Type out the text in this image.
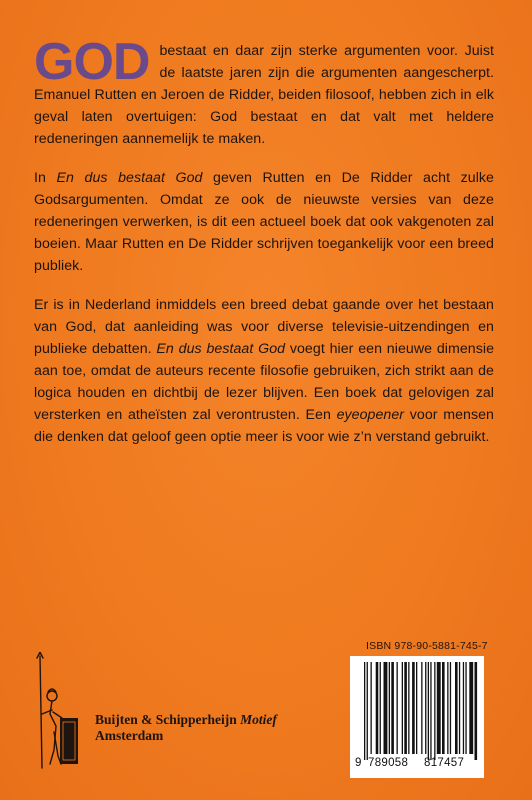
GOD bestaat en daar zijn sterke argumenten voor. Juist de laatste jaren zijn die argumenten aangescherpt. Emanuel Rutten en Jeroen de Ridder, beiden filosoof, hebben zich in elk geval laten overtuigen: God bestaat en dat valt met heldere redeneringen aannemelijk te maken.

In En dus bestaat God geven Rutten en De Ridder acht zulke Godsargumenten. Omdat ze ook de nieuwste versies van deze redeneringen verwerken, is dit een actueel boek dat ook vakgenoten zal boeien. Maar Rutten en De Ridder schrijven toegankelijk voor een breed publiek.

Er is in Nederland inmiddels een breed debat gaande over het bestaan van God, dat aanleiding was voor diverse televisie-uitzendingen en publieke debatten. En dus bestaat God voegt hier een nieuwe dimensie aan toe, omdat de auteurs recente filosofie gebruiken, zich strikt aan de logica houden en dichtbij de lezer blijven. Een boek dat gelovigen zal versterken en atheïsten zal verontrusten. Een eyeopener voor mensen die denken dat geloof geen optie meer is voor wie z’n verstand gebruikt.

Buijten & Schipperheijn Motief
Amsterdam
ISBN 978-90-5881-745-7
9 789058 817457
